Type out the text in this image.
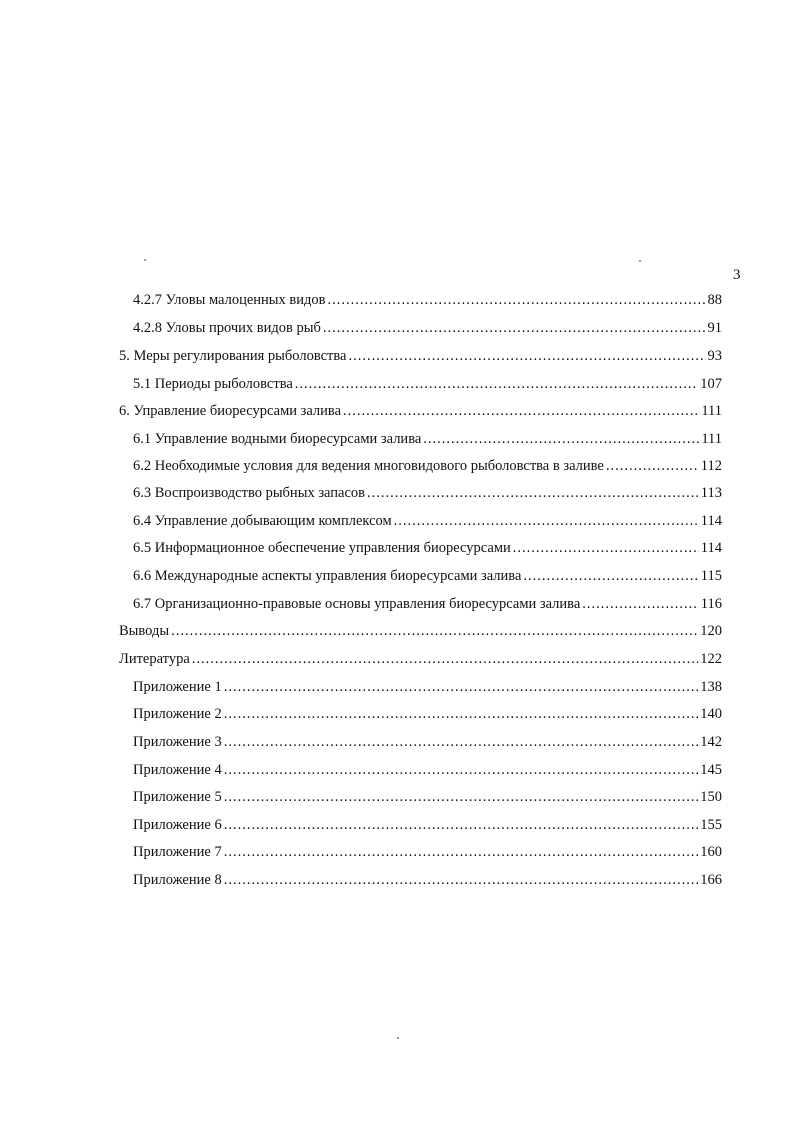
3
4.2.7 Уловы малоценных видов .....	88
4.2.8 Уловы прочих видов рыб .....	91
5. Меры регулирования рыболовства .....	93
5.1 Периоды рыболовства .....	107
6. Управление биоресурсами залива .....	111
6.1 Управление водными биоресурсами залива .....	111
6.2 Необходимые условия для ведения многовидового рыболовства в заливе .....	112
6.3 Воспроизводство рыбных запасов .....	113
6.4 Управление добывающим комплексом .....	114
6.5 Информационное обеспечение управления биоресурсами .....	114
6.6 Международные аспекты управления биоресурсами залива .....	115
6.7 Организационно-правовые основы управления биоресурсами залива .....	116
Выводы .....	120
Литература .....	122
Приложение 1 .....	138
Приложение 2 .....	140
Приложение 3 .....	142
Приложение 4 .....	145
Приложение 5 .....	150
Приложение 6 .....	155
Приложение 7 .....	160
Приложение 8 .....	166
